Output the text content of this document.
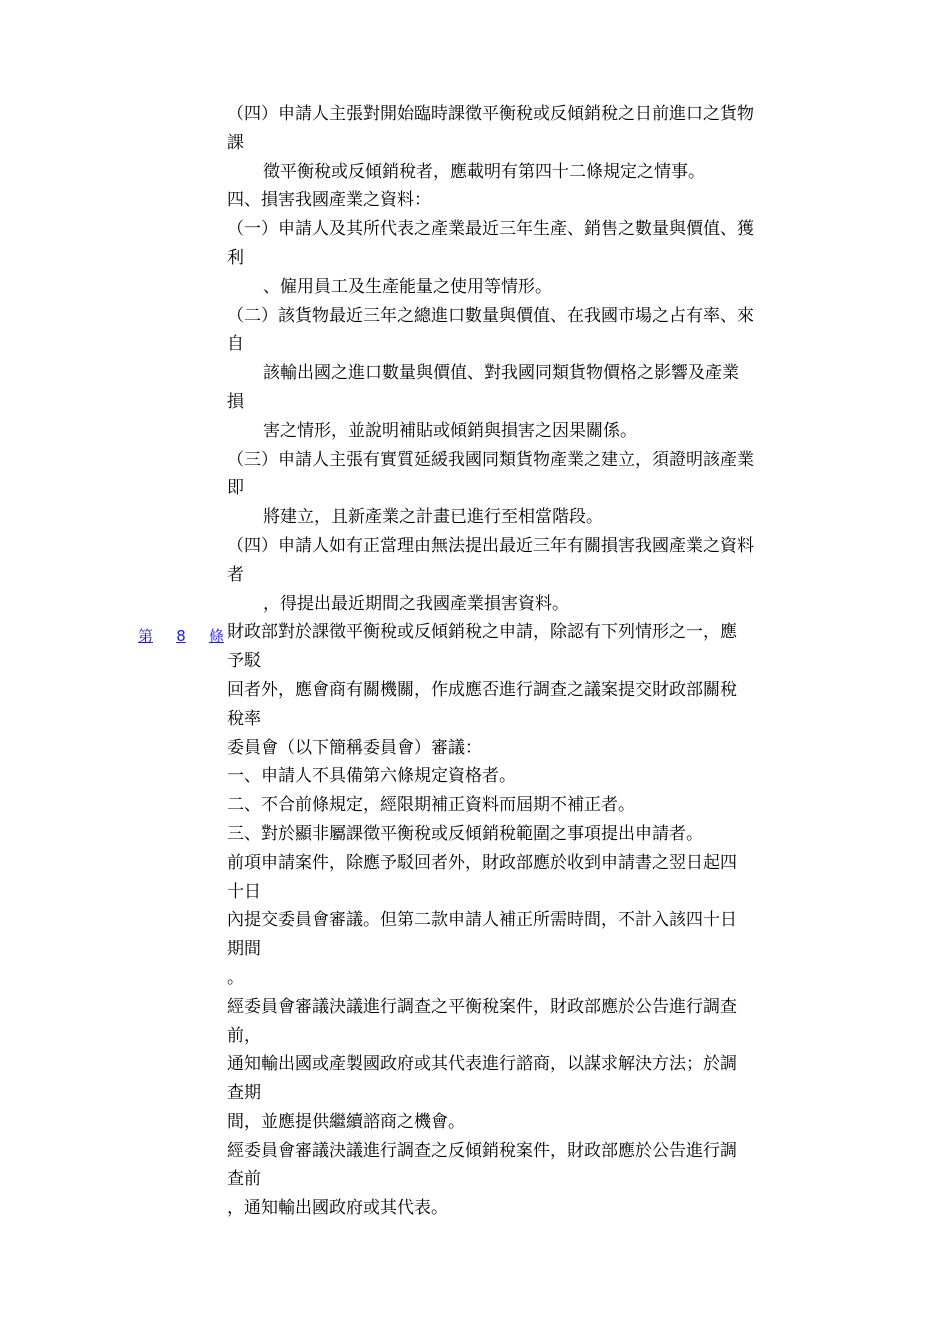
（四）申請人主張對開始臨時課徵平衡稅或反傾銷稅之日前進口之貨物
課
徵平衡稅或反傾銷稅者，應載明有第四十二條規定之情事。
四、損害我國產業之資料：
（一）申請人及其所代表之產業最近三年生產、銷售之數量與價值、獲
利
、僱用員工及生產能量之使用等情形。
（二）該貨物最近三年之總進口數量與價值、在我國市場之占有率、來
自
該輸出國之進口數量與價值、對我國同類貨物價格之影響及產業
損
害之情形，並說明補貼或傾銷與損害之因果關係。
（三）申請人主張有實質延緩我國同類貨物產業之建立，須證明該產業
即
將建立，且新產業之計畫已進行至相當階段。
（四）申請人如有正當理由無法提出最近三年有關損害我國產業之資料
者
，得提出最近期間之我國產業損害資料。
財政部對於課徵平衡稅或反傾銷稅之申請，除認有下列情形之一，應
予駁
回者外，應會商有關機關，作成應否進行調查之議案提交財政部關稅
稅率
委員會（以下簡稱委員會）審議：
一、申請人不具備第六條規定資格者。
二、不合前條規定，經限期補正資料而屆期不補正者。
三、對於顯非屬課徵平衡稅或反傾銷稅範圍之事項提出申請者。
前項申請案件，除應予駁回者外，財政部應於收到申請書之翌日起四
十日
內提交委員會審議。但第二款申請人補正所需時間，不計入該四十日
期間
。
經委員會審議決議進行調查之平衡稅案件，財政部應於公告進行調查
前，
通知輸出國或產製國政府或其代表進行諮商，以謀求解決方法；於調
查期
間，並應提供繼續諮商之機會。
經委員會審議決議進行調查之反傾銷稅案件，財政部應於公告進行調
查前
，通知輸出國政府或其代表。
第 8 條
